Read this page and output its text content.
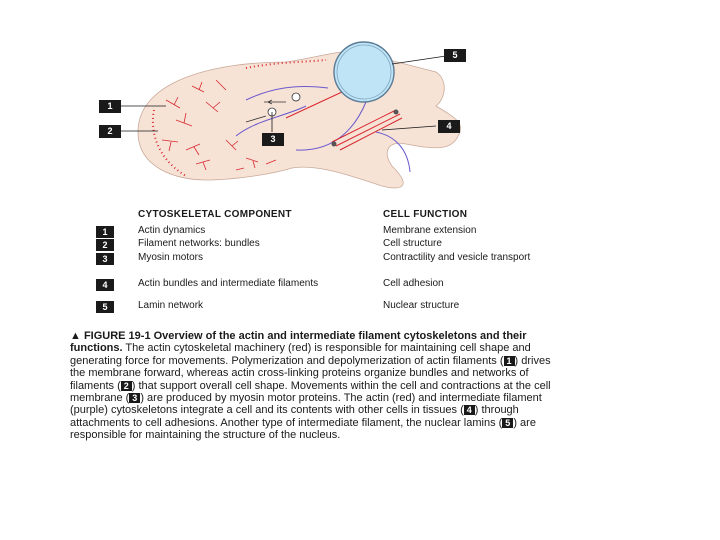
1
2
3
4
5
CYTOSKELETAL COMPONENT	CELL FUNCTION
1	Actin dynamics	Membrane extension
2	Filament networks: bundles	Cell structure
3	Myosin motors	Contractility and vesicle transport
4	Actin bundles and intermediate filaments	Cell adhesion
5	Lamin network	Nuclear structure
▲ FIGURE 19-1 Overview of the actin and intermediate filament cytoskeletons and their functions. The actin cytoskeletal machinery (red) is responsible for maintaining cell shape and generating force for movements. Polymerization and depolymerization of actin filaments ( 1 ) drives the membrane forward, whereas actin cross-linking proteins organize bundles and networks of filaments ( 2 ) that support overall cell shape. Movements within the cell and contractions at the cell membrane ( 3 ) are produced by myosin motor proteins. The actin (red) and intermediate filament (purple) cytoskeletons integrate a cell and its contents with other cells in tissues ( 4 ) through attachments to cell adhesions. Another type of intermediate filament, the nuclear lamins ( 5 ) are responsible for maintaining the structure of the nucleus.
